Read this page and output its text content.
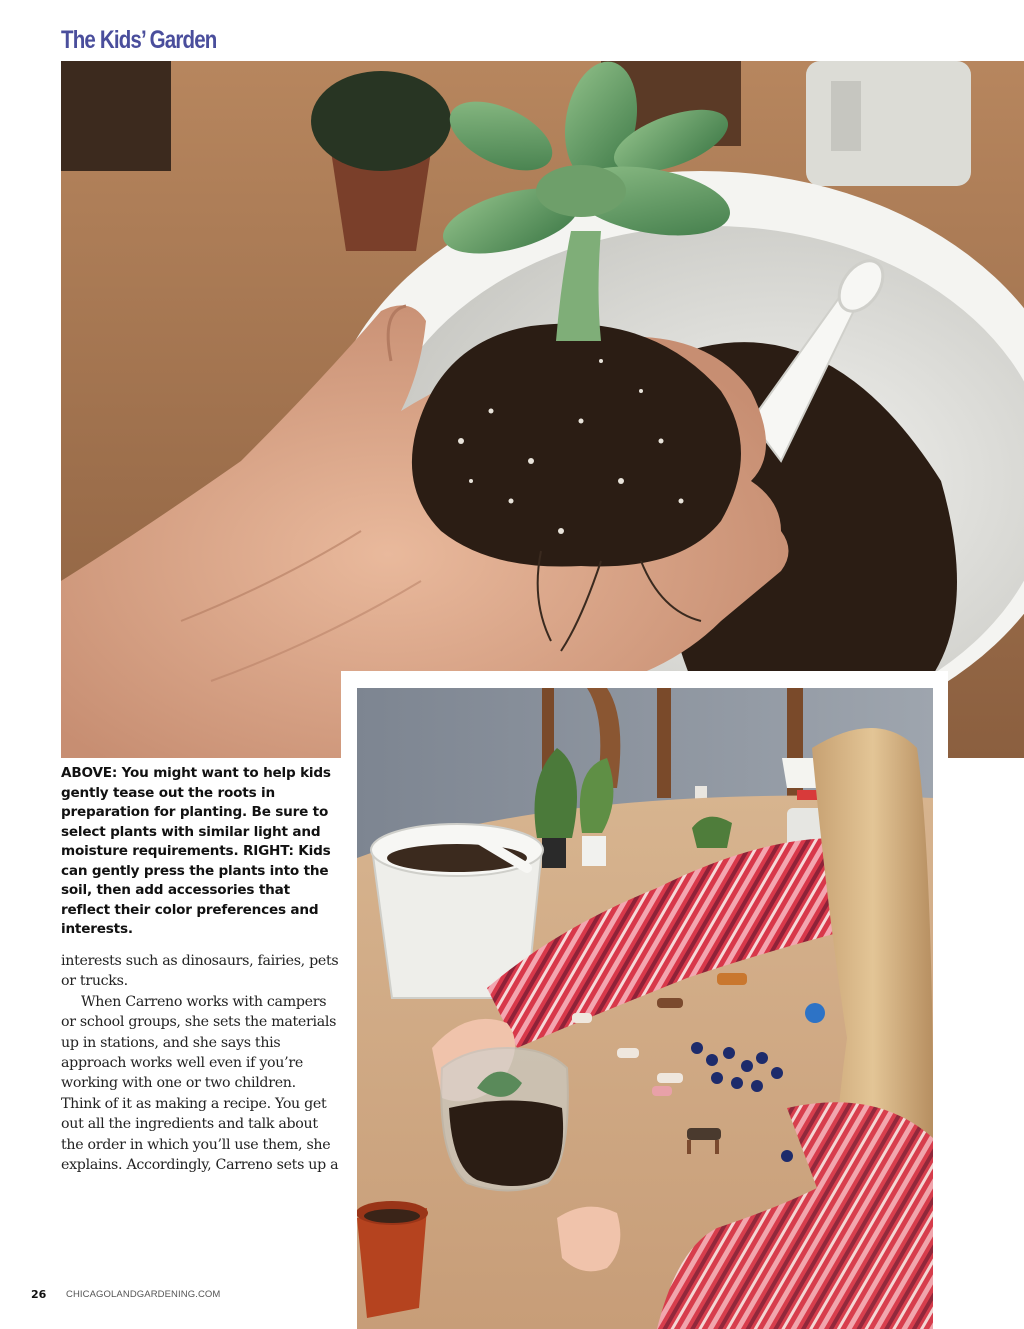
The Kids’ Garden
ABOVE: You might want to help kids gently tease out the roots in preparation for planting. Be sure to select plants with similar light and moisture requirements. RIGHT: Kids can gently press the plants into the soil, then add accessories that reflect their color preferences and interests.

interests such as dinosaurs, fairies, pets or trucks.

When Carreno works with campers or school groups, she sets the materials up in stations, and she says this approach works well even if you’re working with one or two children. Think of it as making a recipe. You get out all the ingredients and talk about the order in which you’ll use them, she explains. Accordingly, Carreno sets up a

26 CHICAGOLANDGARDENING.COM
